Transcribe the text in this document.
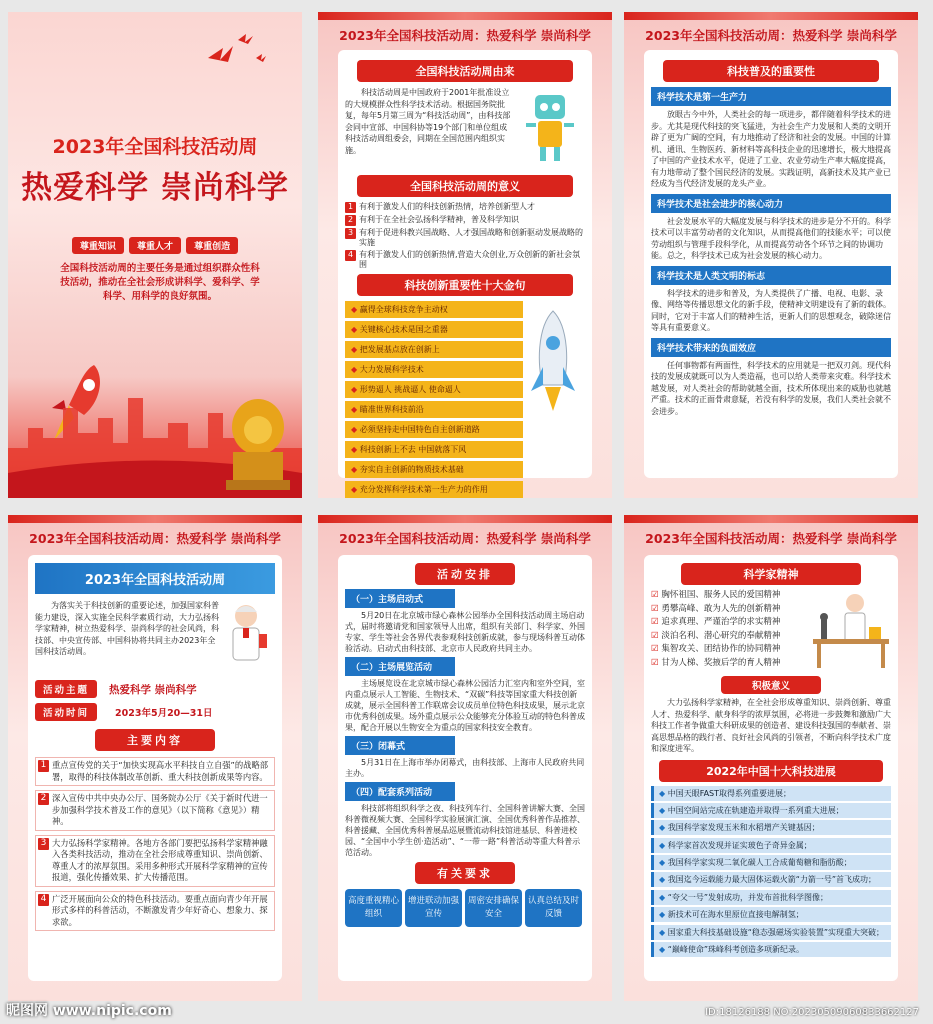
2023年全国科技活动周
热爱科学 崇尚科学
尊重知识 尊重人才 尊重创造
全国科技活动周的主要任务是通过组织群众性科技活动，推动在全社会形成讲科学、爱科学、学科学、用科学的良好氛围。
2023年全国科技活动周：热爱科学 崇尚科学
全国科技活动周由来
科技活动周是中国政府于2001年批准设立的大规模群众性科学技术活动。根据国务院批复，每年5月第三周为“科技活动周”，由科技部会同中宣部、中国科协等19个部门和单位组成科技活动周组委会，同期在全国范围内组织实施。
全国科技活动周的意义
1 有利于激发人们的科技创新热情，培养创新型人才
2 有利于在全社会弘扬科学精神，普及科学知识
3 有利于促进科教兴国战略、人才强国战略和创新驱动发展战略的实施
4 有利于激发人们的创新热情,营造大众创业,万众创新的新社会氛围
科技创新重要性十大金句
◆ 赢得全球科技竞争主动权
◆ 关键核心技术是国之重器
◆ 把发展基点放在创新上
◆ 大力发展科学技术
◆ 形势逼人 挑战逼人 使命逼人
◆ 瞄准世界科技前沿
◆ 必须坚持走中国特色自主创新道路
◆ 科技创新上不去 中国就落下风
◆ 夯实自主创新的物质技术基础
◆ 充分发挥科学技术第一生产力的作用
2023年全国科技活动周：热爱科学 崇尚科学
科技普及的重要性
科学技术是第一生产力
放眼古今中外，人类社会的每一项进步，都伴随着科学技术的进步。尤其是现代科技的突飞猛进，为社会生产力发展和人类的文明开辟了更为广阔的空间，有力地推动了经济和社会的发展。中国的计算机、通讯、生物医药、新材料等高科技企业的迅速增长，极大地提高了中国的产业技术水平，促进了工业、农业劳动生产率大幅度提高，有力地带动了整个国民经济的发展。实践证明，高新技术及其产业已经成为当代经济发展的龙头产业。
科学技术是社会进步的核心动力
社会发展水平的大幅度发展与科学技术的进步是分不开的。科学技术可以丰富劳动者的文化知识，从而提高他们的技能水平；可以使劳动组织与管理手段科学化，从而提高劳动各个环节之间的协调功能。总之，科学技术已成为社会发展的核心动力。
科学技术是人类文明的标志
科学技术的进步和普及，为人类提供了广播、电视、电影、录像、网络等传播思想文化的新手段，使精神文明建设有了新的载体。同时，它对于丰富人们的精神生活，更新人们的思想观念，破除迷信等具有重要意义。
科学技术带来的负面效应
任何事物都有两面性，科学技术的应用就是一把双刃剑。现代科技的发展成就既可以为人类造福，也可以给人类带来灾难。科学技术越发展，对人类社会的帮助就越全面，技术所体现出来的威胁也就越严重。技术的正面骨肃意疑，若没有科学的发展，我们人类社会就不会进步。
2023年全国科技活动周：热爱科学 崇尚科学
2023年全国科技活动周
为落实关于科技创新的重要论述，加强国家科普能力建设，深入实施全民科学素质行动，大力弘扬科学家精神，树立热爱科学、崇尚科学的社会风尚，科技部、中央宣传部、中国科协将共同主办2023年全国科技活动周。
活动主题	热爱科学 崇尚科学
活动时间	2023年5月20—31日
主要内容
1 重点宣传党的关于“加快实现高水平科技自立自强”的战略部署，取得的科技体制改革创新、重大科技创新成果等内容。
2 深入宣传中共中央办公厅、国务院办公厅《关于新时代进一步加强科学技术普及工作的意见》（以下简称《意见》）精神。
3 大力弘扬科学家精神。各地方各部门要把弘扬科学家精神融入各类科技活动，推动在全社会形成尊重知识、崇尚创新、尊重人才的浓厚氛围。采用多种形式开展科学家精神的宣传报道，强化传播效果、扩大传播范围。
4 广泛开展面向公众的特色科技活动。要重点面向青少年开展形式多样的科普活动，不断激发青少年好奇心、想象力、探求欲。
2023年全国科技活动周：热爱科学 崇尚科学
活动安排
（一）主场启动式
5月20日在北京城市绿心森林公园举办全国科技活动周主场启动式，届时将邀请党和国家领导人出席，组织有关部门、科学家、外国专家、学生等社会各界代表参观科技创新成就，参与现场科普互动体验活动。启动式由科技部、北京市人民政府共同主办。
（二）主场展览活动
主场展览设在北京城市绿心森林公园活力汇室内和室外空间，室内重点展示人工智能、生物技术、“双碳”科技等国家重大科技创新成就，展示全国科普工作联席会议成员单位特色科技成果，展示北京市优秀科创成果。场外重点展示公众能够充分体验互动的特色科普成果，配合开展以生物安全为重点的国家科技安全教育。
（三）闭幕式
5月31日在上海市举办闭幕式，由科技部、上海市人民政府共同主办。
（四）配套系列活动
科技部将组织科学之夜、科技列车行、全国科普讲解大赛、全国科普微视频大赛、全国科学实验展演汇演、全国优秀科普作品推荐、科普援藏、全国优秀科普展品巡展暨流动科技馆进基层、科普进校园、“全国中小学生创·造活动”、“一带一路”科普活动等重大科普示范活动。
有关要求
高度重视精心组织
增进联动加强宣传
周密安排确保安全
认真总结及时反馈
2023年全国科技活动周：热爱科学 崇尚科学
科学家精神
☑ 胸怀祖国、服务人民的爱国精神
☑ 勇攀高峰、敢为人先的创新精神
☑ 追求真理、严谨治学的求实精神
☑ 淡泊名利、潜心研究的奉献精神
☑ 集智攻关、团结协作的协同精神
☑ 甘为人梯、奖掖后学的育人精神
积极意义
大力弘扬科学家精神，在全社会形成尊重知识、崇尚创新、尊重人才、热爱科学、献身科学的浓厚氛围，必将进一步鼓舞和激励广大科技工作者争做重大科研成果的创造者、建设科技强国的奉献者、崇高思想品格的践行者、良好社会风尚的引领者，不断向科学技术广度和深度进军。
2022年中国十大科技进展
◆ 中国天眼FAST取得系列重要进展；
◆ 中国空间站完成在轨建造并取得一系列重大进展；
◆ 我国科学家发现玉米和水稻增产关键基因；
◆ 科学家首次发现并证实玻色子奇异金属；
◆ 我国科学家实现二氧化碳人工合成葡萄糖和脂肪酸；
◆ 我国迄今运载能力最大固体运载火箭“力箭一号”首飞成功；
◆ “夸父一号”发射成功，并发布首批科学图像；
◆ 新技术可在海水里原位直接电解制氢；
◆ 国家重大科技基础设施“稳态强磁场实验装置”实现重大突破；
◆ “巅峰使命”珠峰科考创造多项新纪录。
昵图网 www.nipic.com	ID:18126188 NO:20230509060833662127
